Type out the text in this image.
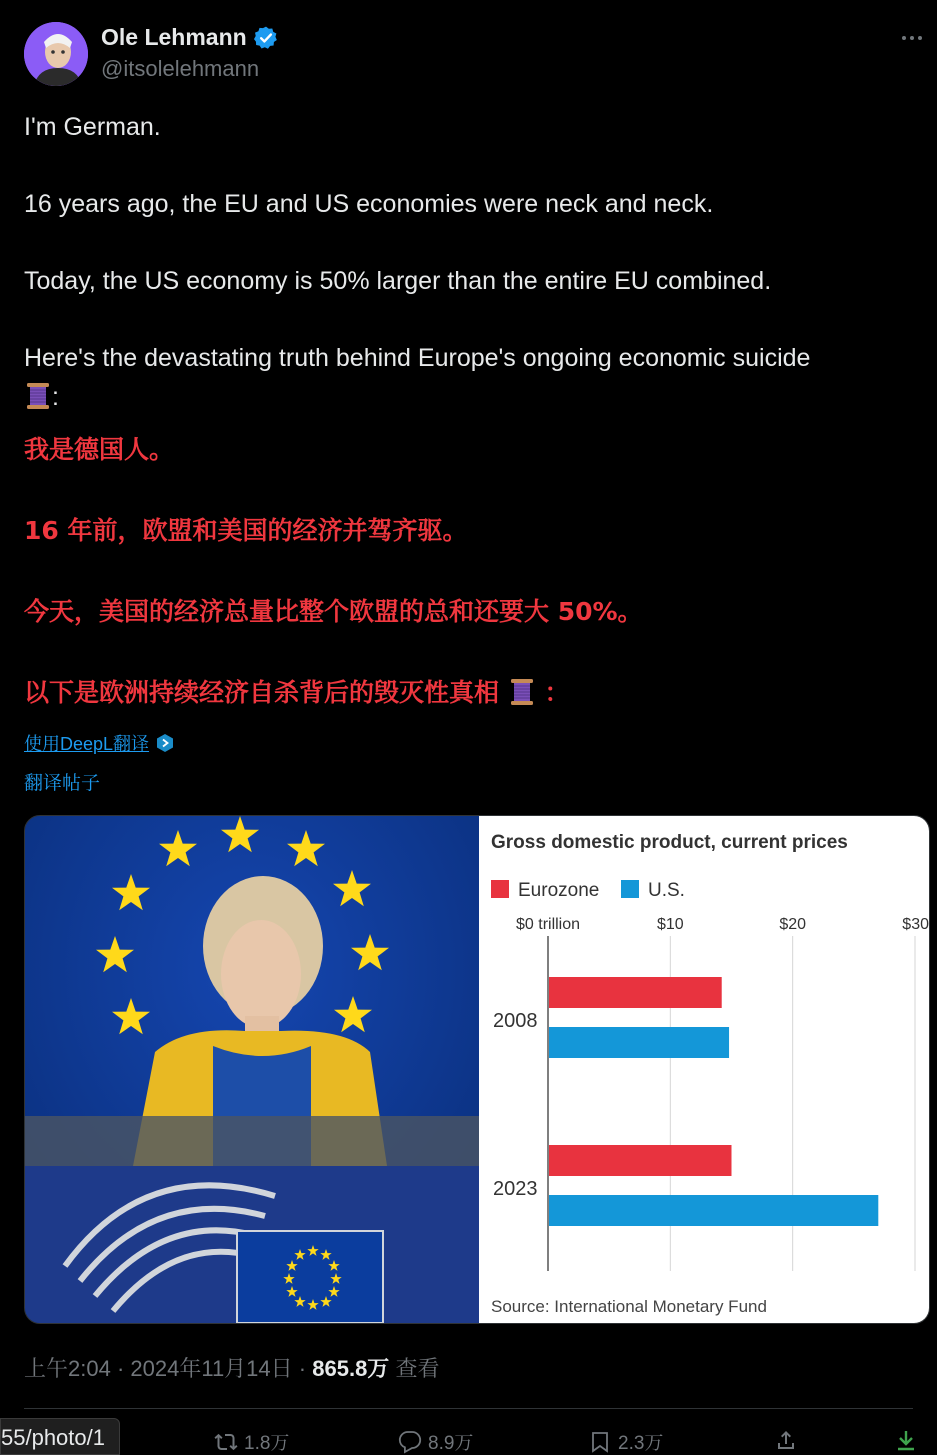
Ole Lehmann
@itsolelehmann

I'm German.

16 years ago, the EU and US economies were neck and neck.

Today, the US economy is 50% larger than the entire EU combined.

Here's the devastating truth behind Europe's ongoing economic suicide
:

我是德国人。

16 年前，欧盟和美国的经济并驾齐驱。

今天，美国的经济总量比整个欧盟的总和还要大 50%。

以下是欧洲持续经济自杀背后的毁灭性真相 ：

使用DeepL翻译
翻译帖子
Gross domestic product, current prices
Eurozone	U.S.
$0 trillion	$10	$20	$30
2008
2023
Source: International Monetary Fund
上午2:04 · 2024年11月14日 · 865.8万 查看
1.8万	8.9万	2.3万
55/photo/1
